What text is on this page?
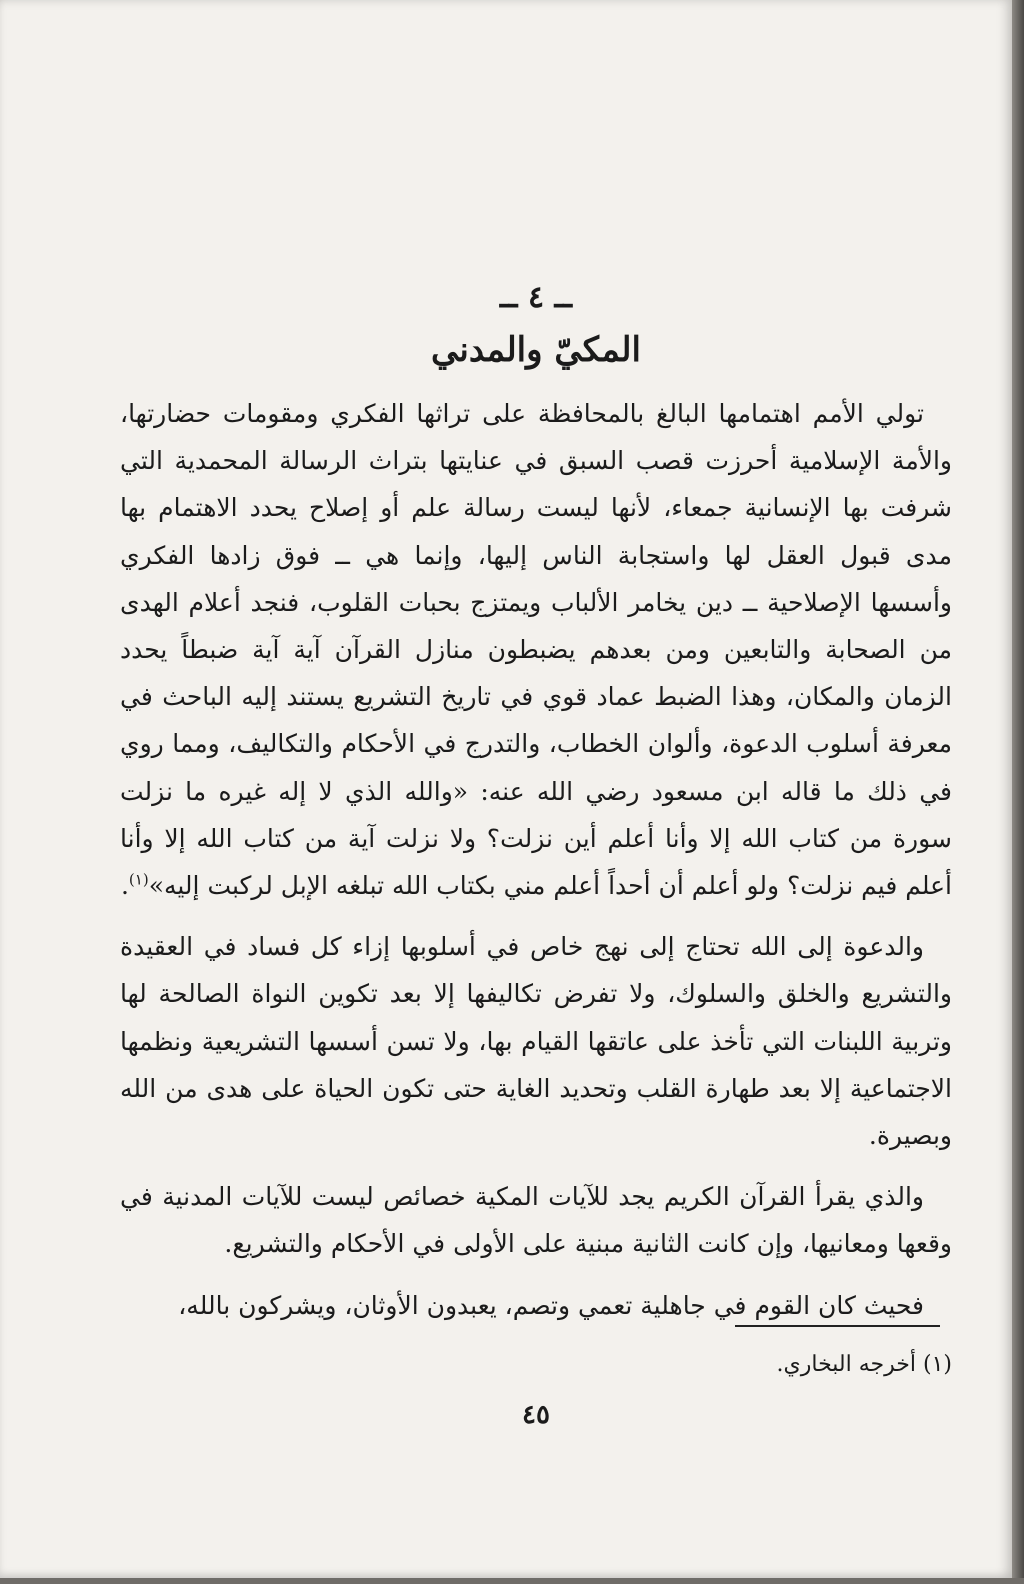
ــ ٤ ــ
المكيّ والمدني

تولي الأمم اهتمامها البالغ بالمحافظة على تراثها الفكري ومقومات حضارتها، والأمة الإسلامية أحرزت قصب السبق في عنايتها بتراث الرسالة المحمدية التي شرفت بها الإنسانية جمعاء، لأنها ليست رسالة علم أو إصلاح يحدد الاهتمام بها مدى قبول العقل لها واستجابة الناس إليها، وإنما هي ــ فوق زادها الفكري وأسسها الإصلاحية ــ دين يخامر الألباب ويمتزج بحبات القلوب، فنجد أعلام الهدى من الصحابة والتابعين ومن بعدهم يضبطون منازل القرآن آية آية ضبطاً يحدد الزمان والمكان، وهذا الضبط عماد قوي في تاريخ التشريع يستند إليه الباحث في معرفة أسلوب الدعوة، وألوان الخطاب، والتدرج في الأحكام والتكاليف، ومما روي في ذلك ما قاله ابن مسعود رضي الله عنه: «والله الذي لا إله غيره ما نزلت سورة من كتاب الله إلا وأنا أعلم أين نزلت؟ ولا نزلت آية من كتاب الله إلا وأنا أعلم فيم نزلت؟ ولو أعلم أن أحداً أعلم مني بكتاب الله تبلغه الإبل لركبت إليه»$^{(١)}$.

والدعوة إلى الله تحتاج إلى نهج خاص في أسلوبها إزاء كل فساد في العقيدة والتشريع والخلق والسلوك، ولا تفرض تكاليفها إلا بعد تكوين النواة الصالحة لها وتربية اللبنات التي تأخذ على عاتقها القيام بها، ولا تسن أسسها التشريعية ونظمها الاجتماعية إلا بعد طهارة القلب وتحديد الغاية حتى تكون الحياة على هدى من الله وبصيرة.

والذي يقرأ القرآن الكريم يجد للآيات المكية خصائص ليست للآيات المدنية في وقعها ومعانيها، وإن كانت الثانية مبنية على الأولى في الأحكام والتشريع.

فحيث كان القوم في جاهلية تعمي وتصم، يعبدون الأوثان، ويشركون بالله،

(١) أخرجه البخاري.
٤٥
